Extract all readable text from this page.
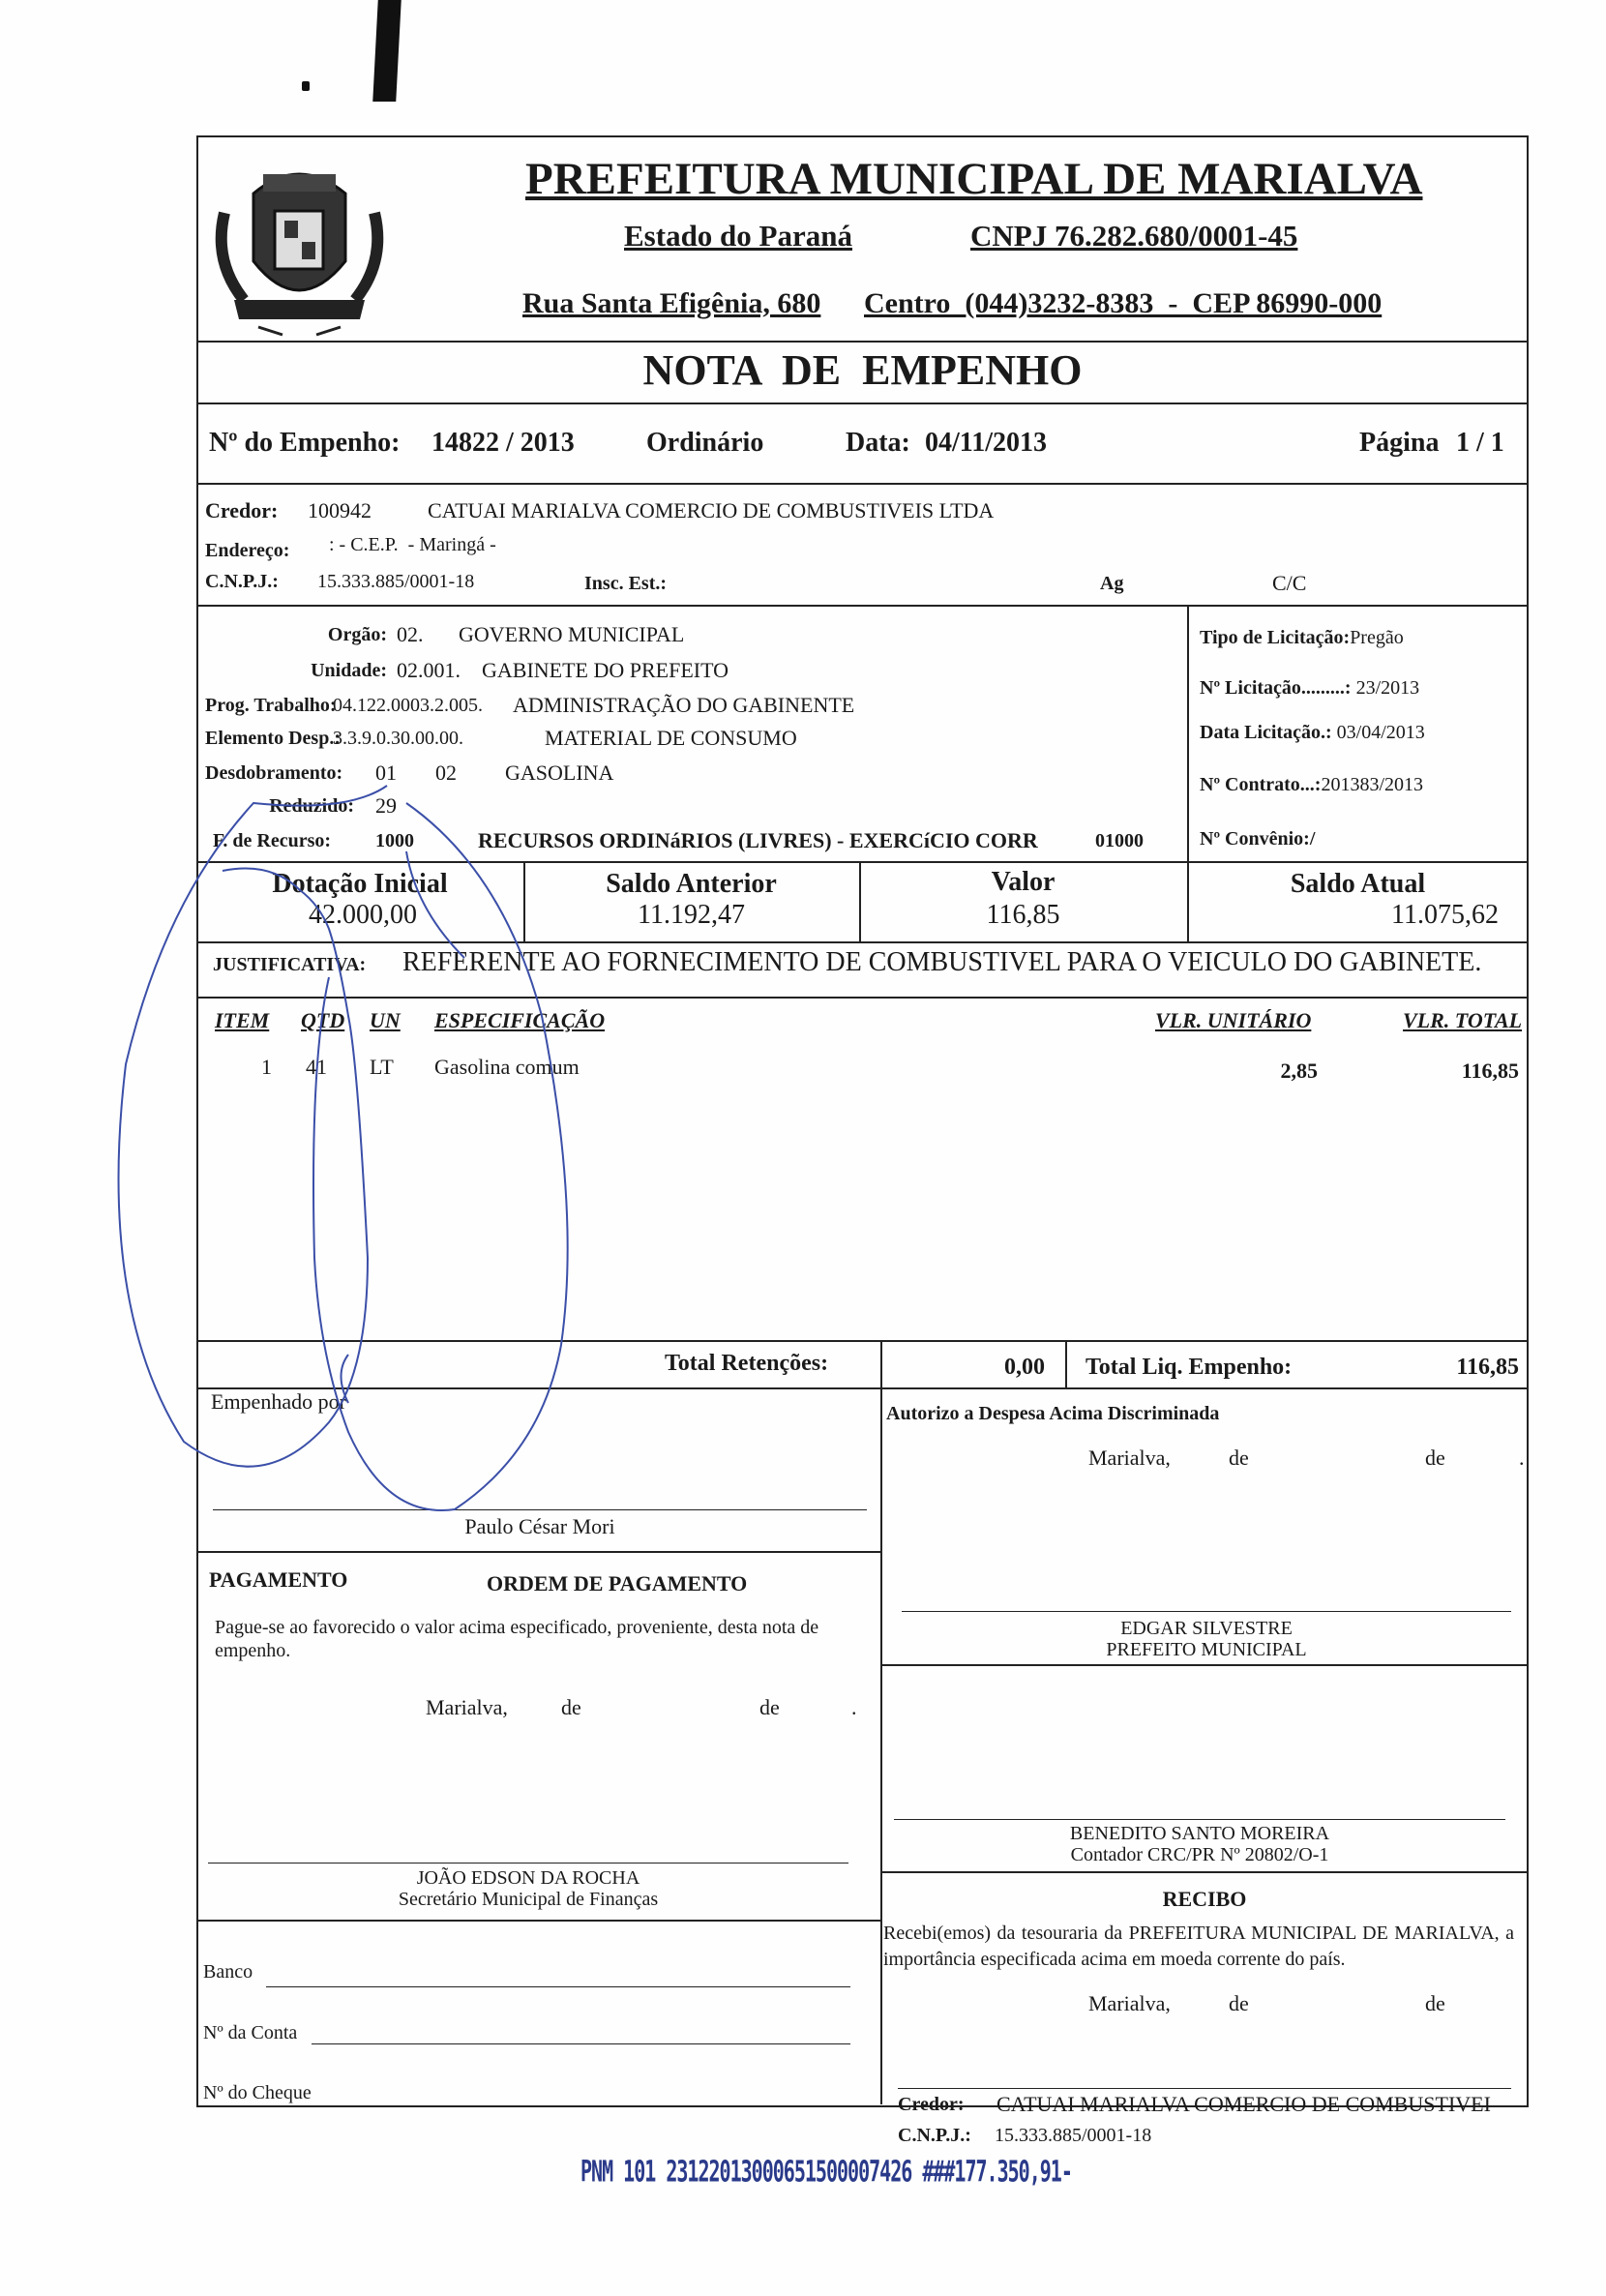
PREFEITURA MUNICIPAL DE MARIALVA
Estado do Paraná	CNPJ 76.282.680/0001-45
Rua Santa Efigênia, 680 Centro  (044)3232-8383  -  CEP 86990-000
NOTA  DE  EMPENHO
Nº do Empenho: 14822 / 2013	Ordinário	Data: 04/11/2013	Página 1 / 1
Credor: 100942	CATUAI MARIALVA COMERCIO DE COMBUSTIVEIS LTDA
Endereço: : - C.E.P.  - Maringá -
C.N.P.J.: 15.333.885/0001-18	Insc. Est.:	Ag	C/C
Orgão: 02. GOVERNO MUNICIPAL
Unidade: 02.001. GABINETE DO PREFEITO
Prog. Trabalho:
04.122.0003.2.005. ADMINISTRAÇÃO DO GABINENTE
Elemento Desp.:
3.3.9.0.30.00.00.	MATERIAL DE CONSUMO
Desdobramento: 01 02 GASOLINA
Reduzido: 29
F. de Recurso: 1000	RECURSOS ORDINáRIOS (LIVRES) - EXERCíCIO CORR	01000
Tipo de Licitação:Pregão
Nº Licitação.........: 23/2013
Data Licitação.: 03/04/2013
Nº Contrato...:201383/2013
Nº Convênio:/
Dotação Inicial
42.000,00
Saldo Anterior
11.192,47
Valor
116,85
Saldo Atual
11.075,62
JUSTIFICATIVA: REFERENTE AO FORNECIMENTO DE COMBUSTIVEL PARA O VEICULO DO GABINETE.
ITEM QTD UN ESPECIFICAÇÃO	VLR. UNITÁRIO	VLR. TOTAL
1 41 LT Gasolina comum	2,85	116,85
Total Retenções:	0,00 Total Liq. Empenho:	116,85
Empenhado por
Paulo César Mori
Autorizo a Despesa Acima Discriminada
Marialva,	de	de	.
EDGAR SILVESTRE
PREFEITO MUNICIPAL
BENEDITO SANTO MOREIRA
Contador CRC/PR Nº 20802/O-1
PAGAMENTO	ORDEM DE PAGAMENTO
Pague-se ao favorecido o valor acima especificado, proveniente, desta nota de empenho.
Marialva,	de	de	.
JOÃO EDSON DA ROCHA
Secretário Municipal de Finanças
Banco
Nº da Conta
Nº do Cheque
RECIBO
Recebi(emos) da tesouraria da PREFEITURA MUNICIPAL DE MARIALVA, a importância especificada acima em moeda corrente do país.
Marialva,	de	de
Credor: CATUAI MARIALVA COMERCIO DE COMBUSTIVEI
C.N.P.J.: 15.333.885/0001-18
PNM 101 23122013000651500007426 ###177.350,91-
